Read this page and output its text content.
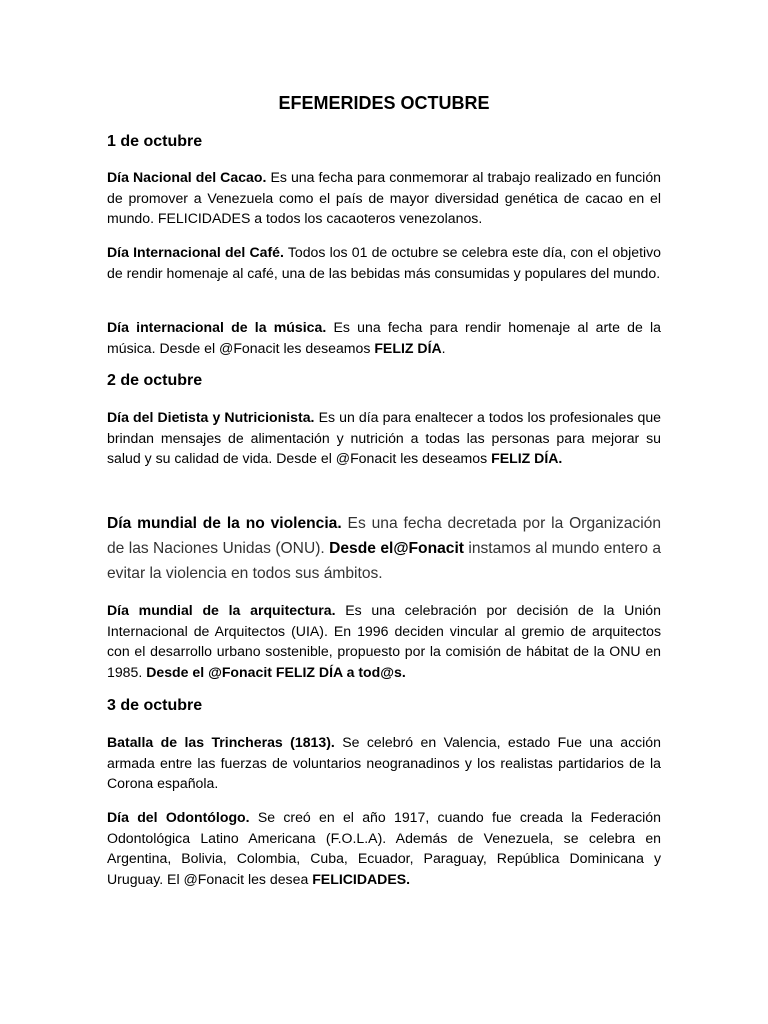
EFEMERIDES OCTUBRE
1 de octubre

Día Nacional del Cacao. Es una fecha para conmemorar al trabajo realizado en función de promover a Venezuela como el país de mayor diversidad genética de cacao en el mundo. FELICIDADES a todos los cacaoteros venezolanos.

Día Internacional del Café. Todos los 01 de octubre se celebra este día, con el objetivo de rendir homenaje al café, una de las bebidas más consumidas y populares del mundo.

Día internacional de la música. Es una fecha para rendir homenaje al arte de la música. Desde el @Fonacit les deseamos FELIZ DÍA.

2 de octubre

Día del Dietista y Nutricionista. Es un día para enaltecer a todos los profesionales que brindan mensajes de alimentación y nutrición a todas las personas para mejorar su salud y su calidad de vida. Desde el @Fonacit les deseamos FELIZ DÍA.

Día mundial de la no violencia. Es una fecha decretada por la Organización de las Naciones Unidas (ONU). Desde el@Fonacit instamos al mundo entero a evitar la violencia en todos sus ámbitos.

Día mundial de la arquitectura. Es una celebración por decisión de la Unión Internacional de Arquitectos (UIA). En 1996 deciden vincular al gremio de arquitectos con el desarrollo urbano sostenible, propuesto por la comisión de hábitat de la ONU en 1985. Desde el @Fonacit FELIZ DÍA a tod@s.

3 de octubre

Batalla de las Trincheras (1813). Se celebró en Valencia, estado Fue una acción armada entre las fuerzas de voluntarios neogranadinos y los realistas partidarios de la Corona española.

Día del Odontólogo. Se creó en el año 1917, cuando fue creada la Federación Odontológica Latino Americana (F.O.L.A). Además de Venezuela, se celebra en Argentina, Bolivia, Colombia, Cuba, Ecuador, Paraguay, República Dominicana y Uruguay. El @Fonacit les desea FELICIDADES.
